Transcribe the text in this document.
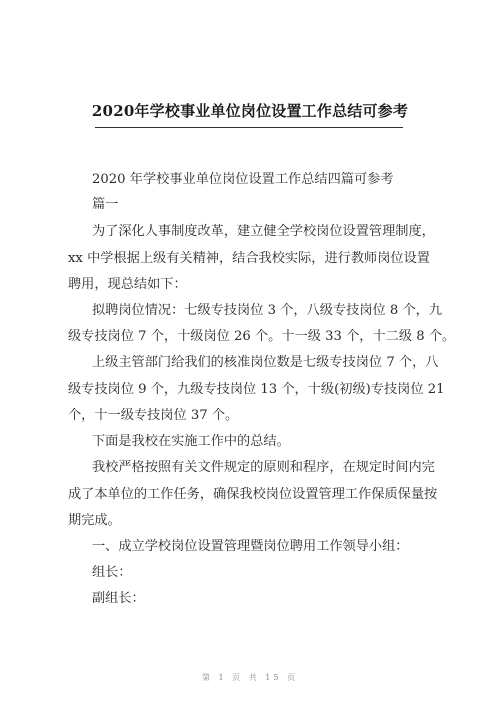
2020年学校事业单位岗位设置工作总结可参考
2020 年学校事业单位岗位设置工作总结四篇可参考
篇一
为了深化人事制度改革，建立健全学校岗位设置管理制度，
xx 中学根据上级有关精神，结合我校实际，进行教师岗位设置
聘用，现总结如下：
拟聘岗位情况：七级专技岗位 3 个，八级专技岗位 8 个，九
级专技岗位 7 个，十级岗位 26 个。十一级 33 个，十二级 8 个。
上级主管部门给我们的核准岗位数是七级专技岗位 7 个，八
级专技岗位 9 个，九级专技岗位 13 个，十级(初级)专技岗位 21
个，十一级专技岗位 37 个。
下面是我校在实施工作中的总结。
我校严格按照有关文件规定的原则和程序，在规定时间内完
成了本单位的工作任务，确保我校岗位设置管理工作保质保量按
期完成。
一、成立学校岗位设置管理暨岗位聘用工作领导小组：
组长：
副组长：
第 1 页 共 15 页
